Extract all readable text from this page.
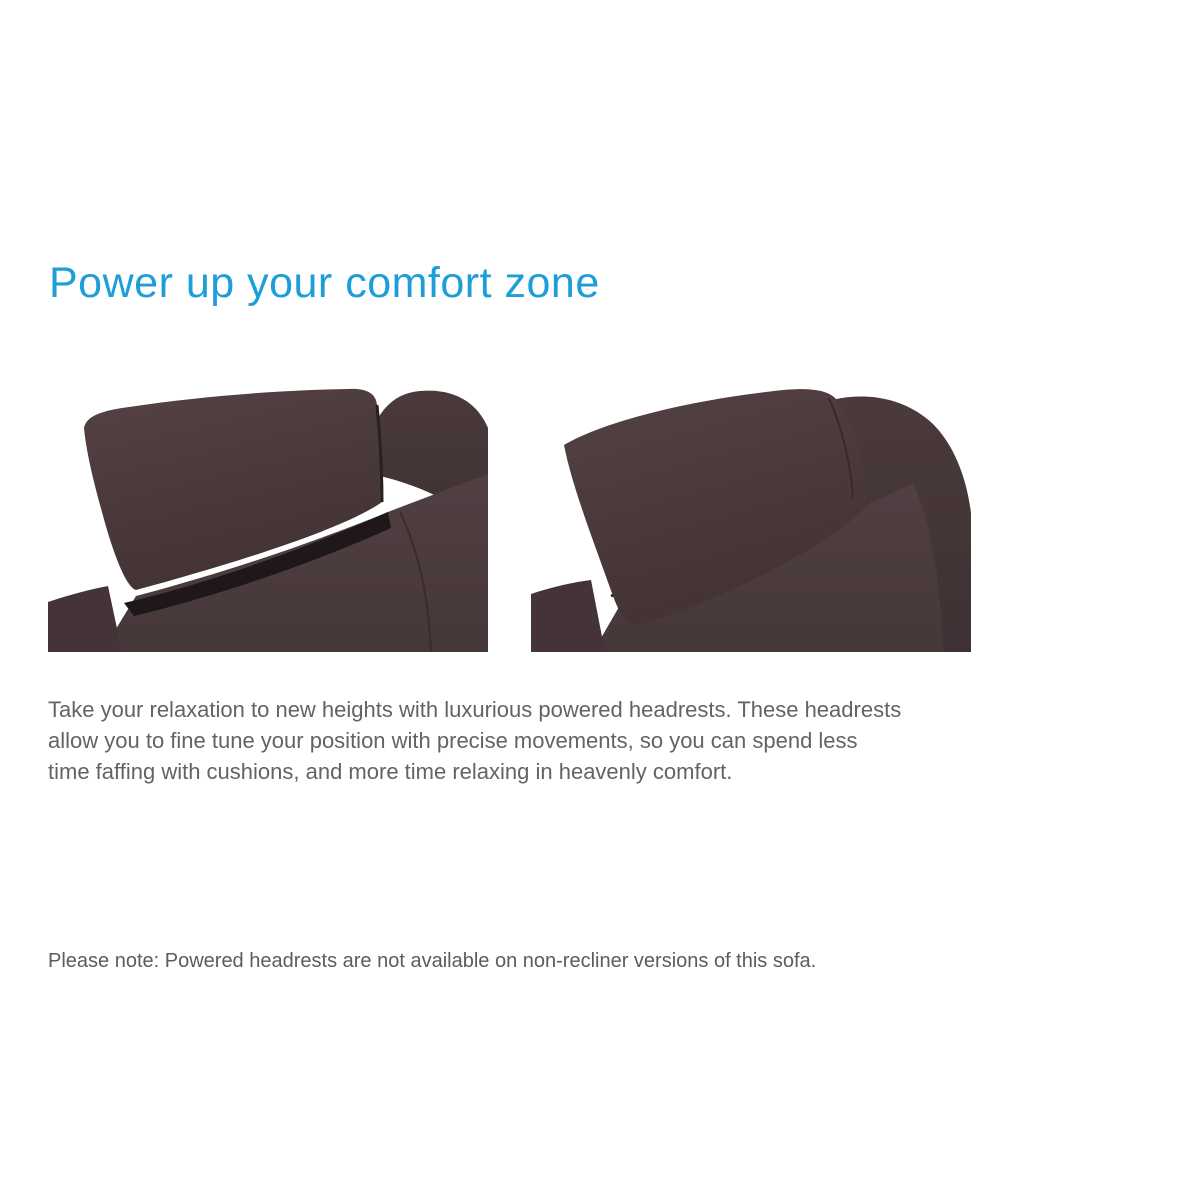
Power up your comfort zone
Take your relaxation to new heights with luxurious powered headrests. These headrests
allow you to fine tune your position with precise movements, so you can spend less
time faffing with cushions, and more time relaxing in heavenly comfort.
Please note: Powered headrests are not available on non-recliner versions of this sofa.
